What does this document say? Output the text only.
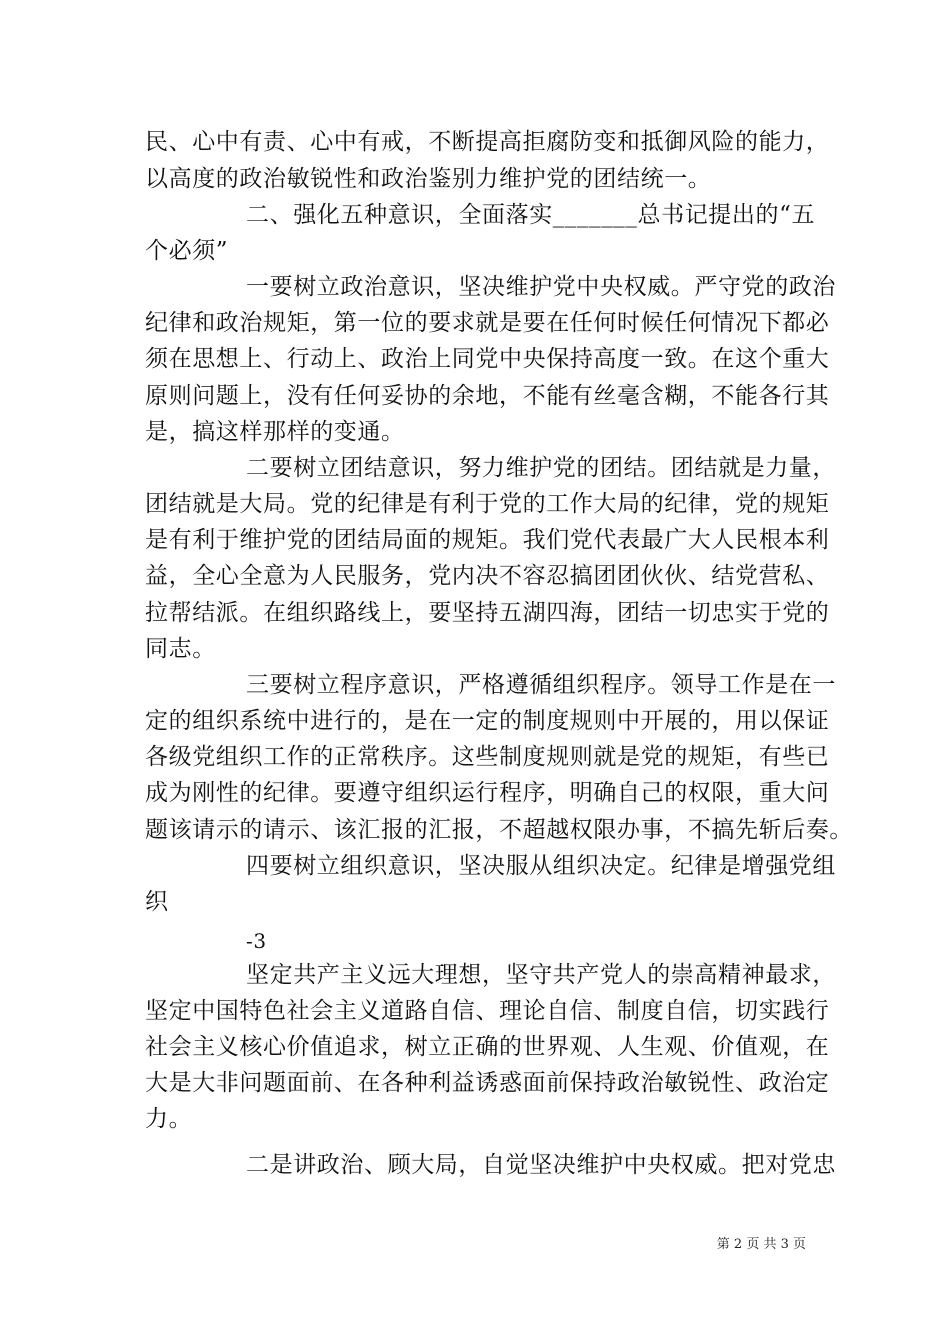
民、心中有责、心中有戒，不断提高拒腐防变和抵御风险的能力，
以高度的政治敏锐性和政治鉴别力维护党的团结统一。
二、强化五种意识，全面落实_______总书记提出的“五
个必须”
一要树立政治意识，坚决维护党中央权威。严守党的政治
纪律和政治规矩，第一位的要求就是要在任何时候任何情况下都必
须在思想上、行动上、政治上同党中央保持高度一致。在这个重大
原则问题上，没有任何妥协的余地，不能有丝毫含糊，不能各行其
是，搞这样那样的变通。
二要树立团结意识，努力维护党的团结。团结就是力量，
团结就是大局。党的纪律是有利于党的工作大局的纪律，党的规矩
是有利于维护党的团结局面的规矩。我们党代表最广大人民根本利
益，全心全意为人民服务，党内决不容忍搞团团伙伙、结党营私、
拉帮结派。在组织路线上，要坚持五湖四海，团结一切忠实于党的
同志。
三要树立程序意识，严格遵循组织程序。领导工作是在一
定的组织系统中进行的，是在一定的制度规则中开展的，用以保证
各级党组织工作的正常秩序。这些制度规则就是党的规矩，有些已
成为刚性的纪律。要遵守组织运行程序，明确自己的权限，重大问
题该请示的请示、该汇报的汇报，不超越权限办事，不搞先斩后奏。
四要树立组织意识，坚决服从组织决定。纪律是增强党组
织
-3
坚定共产主义远大理想，坚守共产党人的崇高精神最求，
坚定中国特色社会主义道路自信、理论自信、制度自信，切实践行
社会主义核心价值追求，树立正确的世界观、人生观、价值观，在
大是大非问题面前、在各种利益诱惑面前保持政治敏锐性、政治定
力。
二是讲政治、顾大局，自觉坚决维护中央权威。把对党忠
第 2 页 共 3 页
